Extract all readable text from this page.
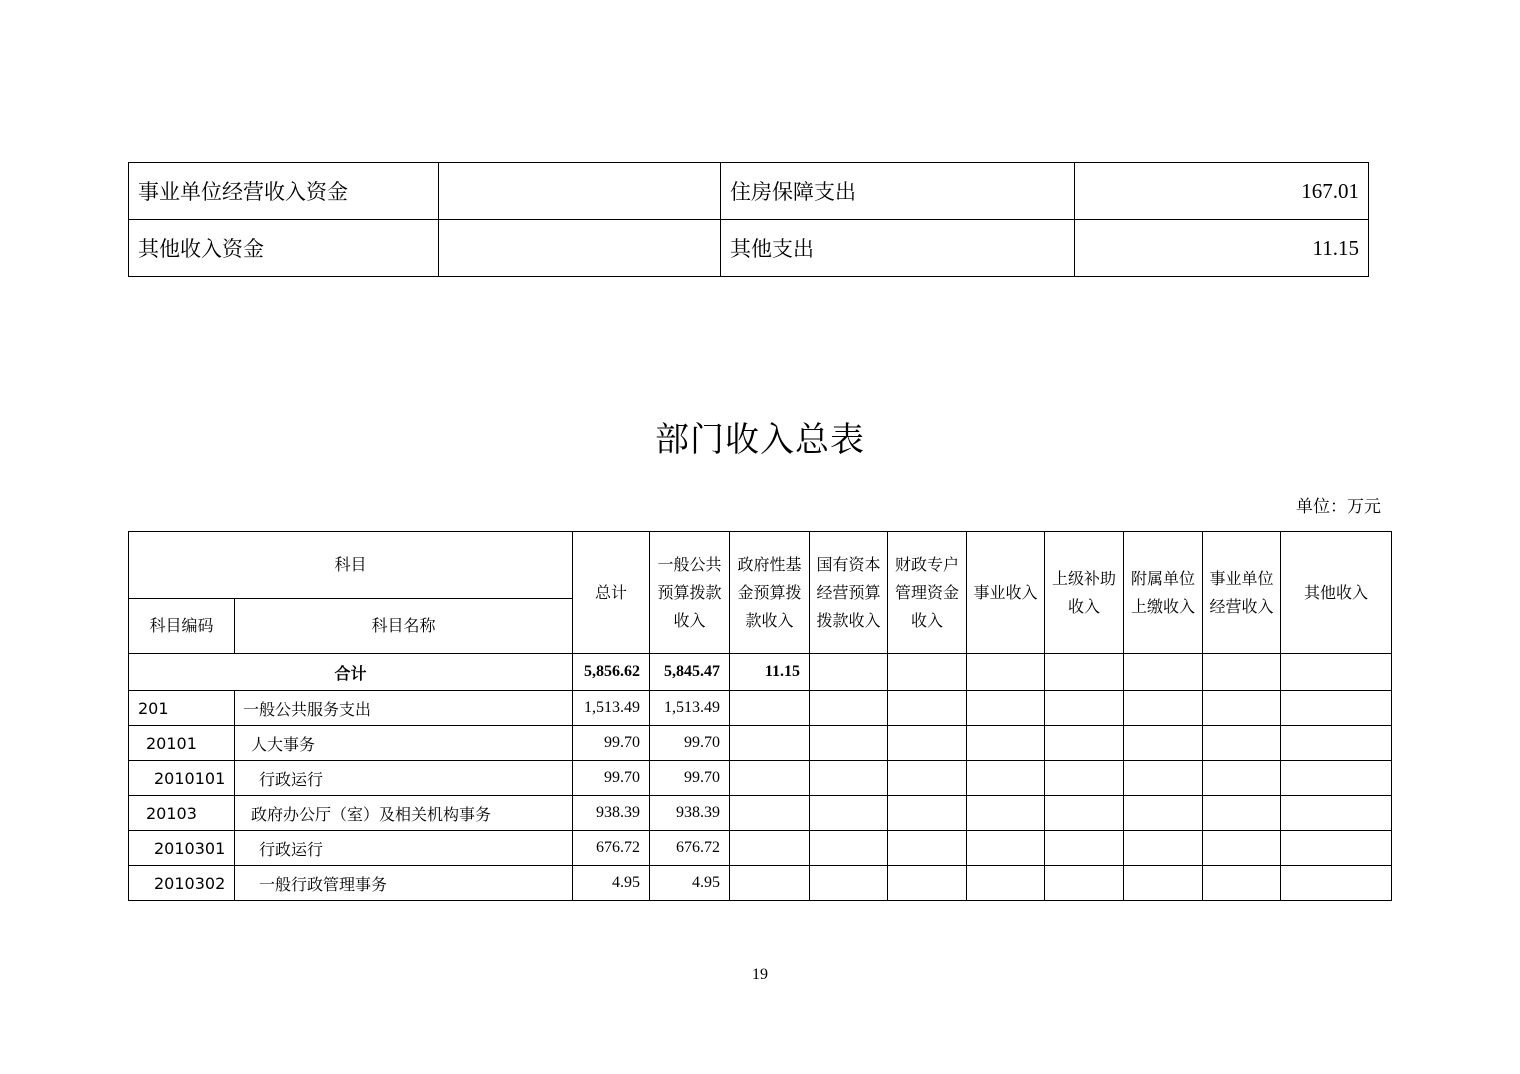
事业单位经营收入资金		住房保障支出	167.01
其他收入资金		其他支出	11.15
部门收入总表
单位：万元
科目		总计	一般公共预算拨款收入	政府性基金预算拨款收入	国有资本经营预算拨款收入	财政专户管理资金收入	事业收入	上级补助收入	附属单位上缴收入	事业单位经营收入	其他收入
科目编码	科目名称										
合计		5,856.62	5,845.47	11.15							
201	一般公共服务支出	1,513.49	1,513.49								
20101	人大事务	99.70	99.70								
2010101	行政运行	99.70	99.70								
20103	政府办公厅（室）及相关机构事务	938.39	938.39								
2010301	行政运行	676.72	676.72								
2010302	一般行政管理事务	4.95	4.95								
19
